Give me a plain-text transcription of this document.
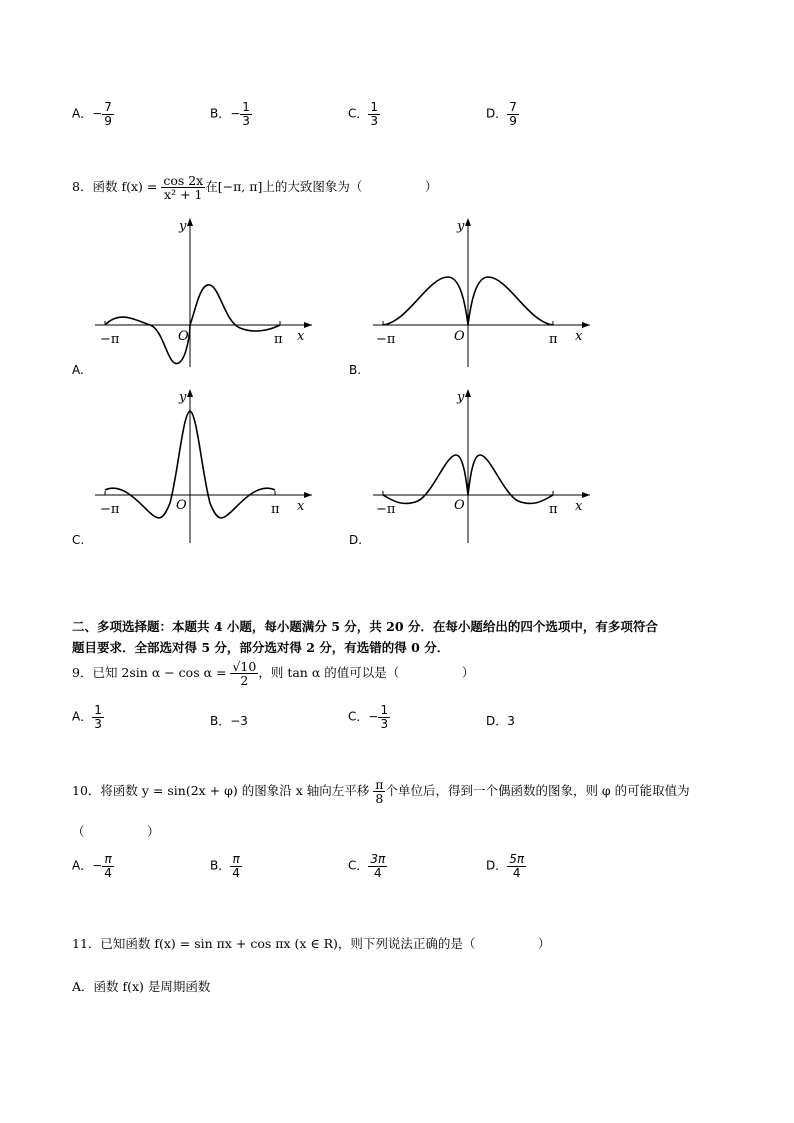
A．− $\frac{7}{9}$	B．− $\frac{1}{3}$	C． $\frac{1}{3}$	D． $\frac{7}{9}$
8．函数 $f(x) = \frac{\cos 2x}{\text{x² + 1}}$ 在[−π, π]上的大致图象为（　　　　　）
−π	π
O	x
y
A.
−π	π
O	x
y
B.
−π	π
O	x
y
C.
−π	π
O	x
y
D.
二、多项选择题：本题共 4 小题，每小题满分 5 分，共 20 分．在每小题给出的四个选项中，有多项符合
题目要求．全部选对得 5 分，部分选对得 2 分，有选错的得 0 分．
9．已知 2sin $\alpha - \cos \alpha = \frac{√10}{2}$ ，则 tan α 的值可以是（　　　　　）
A． $\frac{1}{3}$	B．−3	C．− $\frac{1}{3}$	D．3
10．将函数 y = sin(2x + φ) 的图象沿 x 轴向左平移 $\frac{\pi}{8}$ 个单位后，得到一个偶函数的图象，则 φ 的可能取值为
（　　　　　）
A．− $\frac{\pi}{4}$	B． $\frac{\pi}{4}$	C． $\frac{3\pi}{4}$	D． $\frac{5\pi}{4}$
11．已知函数 f(x) = sin πx + cos πx (x ∈ R)，则下列说法正确的是（　　　　　）
A．函数 f(x) 是周期函数
